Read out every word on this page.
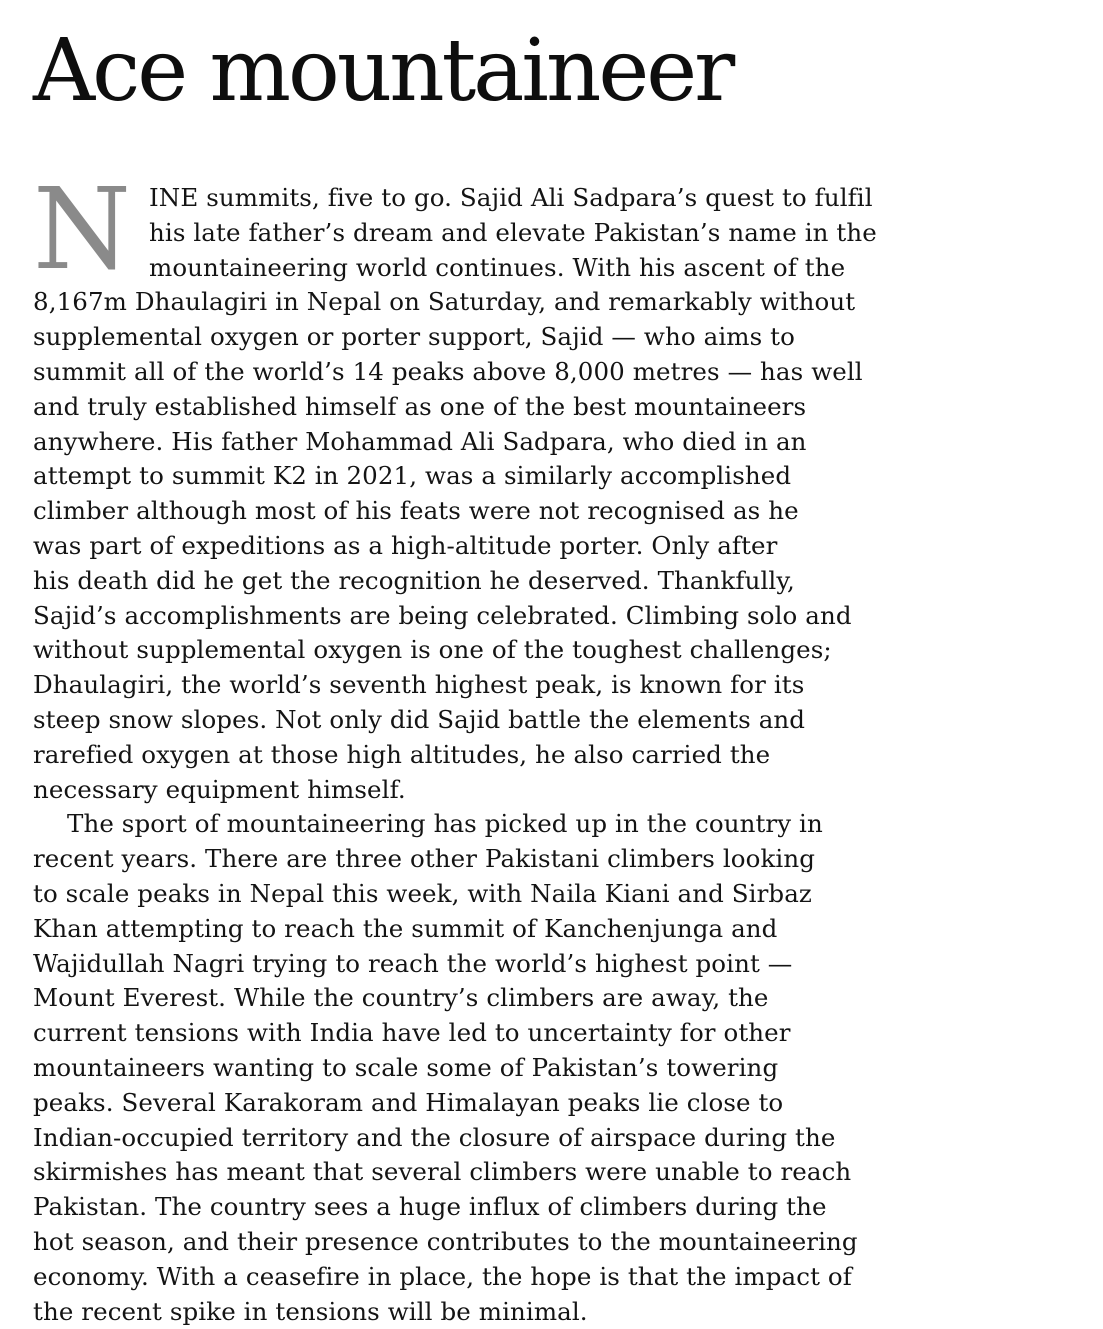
Ace mountaineer

N INE summits, five to go. Sajid Ali Sadpara’s quest to fulfil
his late father’s dream and elevate Pakistan’s name in the
mountaineering world continues. With his ascent of the
8,167m Dhaulagiri in Nepal on Saturday, and remarkably without
supplemental oxygen or porter support, Sajid — who aims to
summit all of the world’s 14 peaks above 8,000 metres — has well
and truly established himself as one of the best mountaineers
anywhere. His father Mohammad Ali Sadpara, who died in an
attempt to summit K2 in 2021, was a similarly accomplished
climber although most of his feats were not recognised as he
was part of expeditions as a high-altitude porter. Only after
his death did he get the recognition he deserved. Thankfully,
Sajid’s accomplishments are being celebrated. Climbing solo and
without supplemental oxygen is one of the toughest challenges;
Dhaulagiri, the world’s seventh highest peak, is known for its
steep snow slopes. Not only did Sajid battle the elements and
rarefied oxygen at those high altitudes, he also carried the
necessary equipment himself.

The sport of mountaineering has picked up in the country in
recent years. There are three other Pakistani climbers looking
to scale peaks in Nepal this week, with Naila Kiani and Sirbaz
Khan attempting to reach the summit of Kanchenjunga and
Wajidullah Nagri trying to reach the world’s highest point —
Mount Everest. While the country’s climbers are away, the
current tensions with India have led to uncertainty for other
mountaineers wanting to scale some of Pakistan’s towering
peaks. Several Karakoram and Himalayan peaks lie close to
Indian-occupied territory and the closure of airspace during the
skirmishes has meant that several climbers were unable to reach
Pakistan. The country sees a huge influx of climbers during the
hot season, and their presence contributes to the mountaineering
economy. With a ceasefire in place, the hope is that the impact of
the recent spike in tensions will be minimal.
